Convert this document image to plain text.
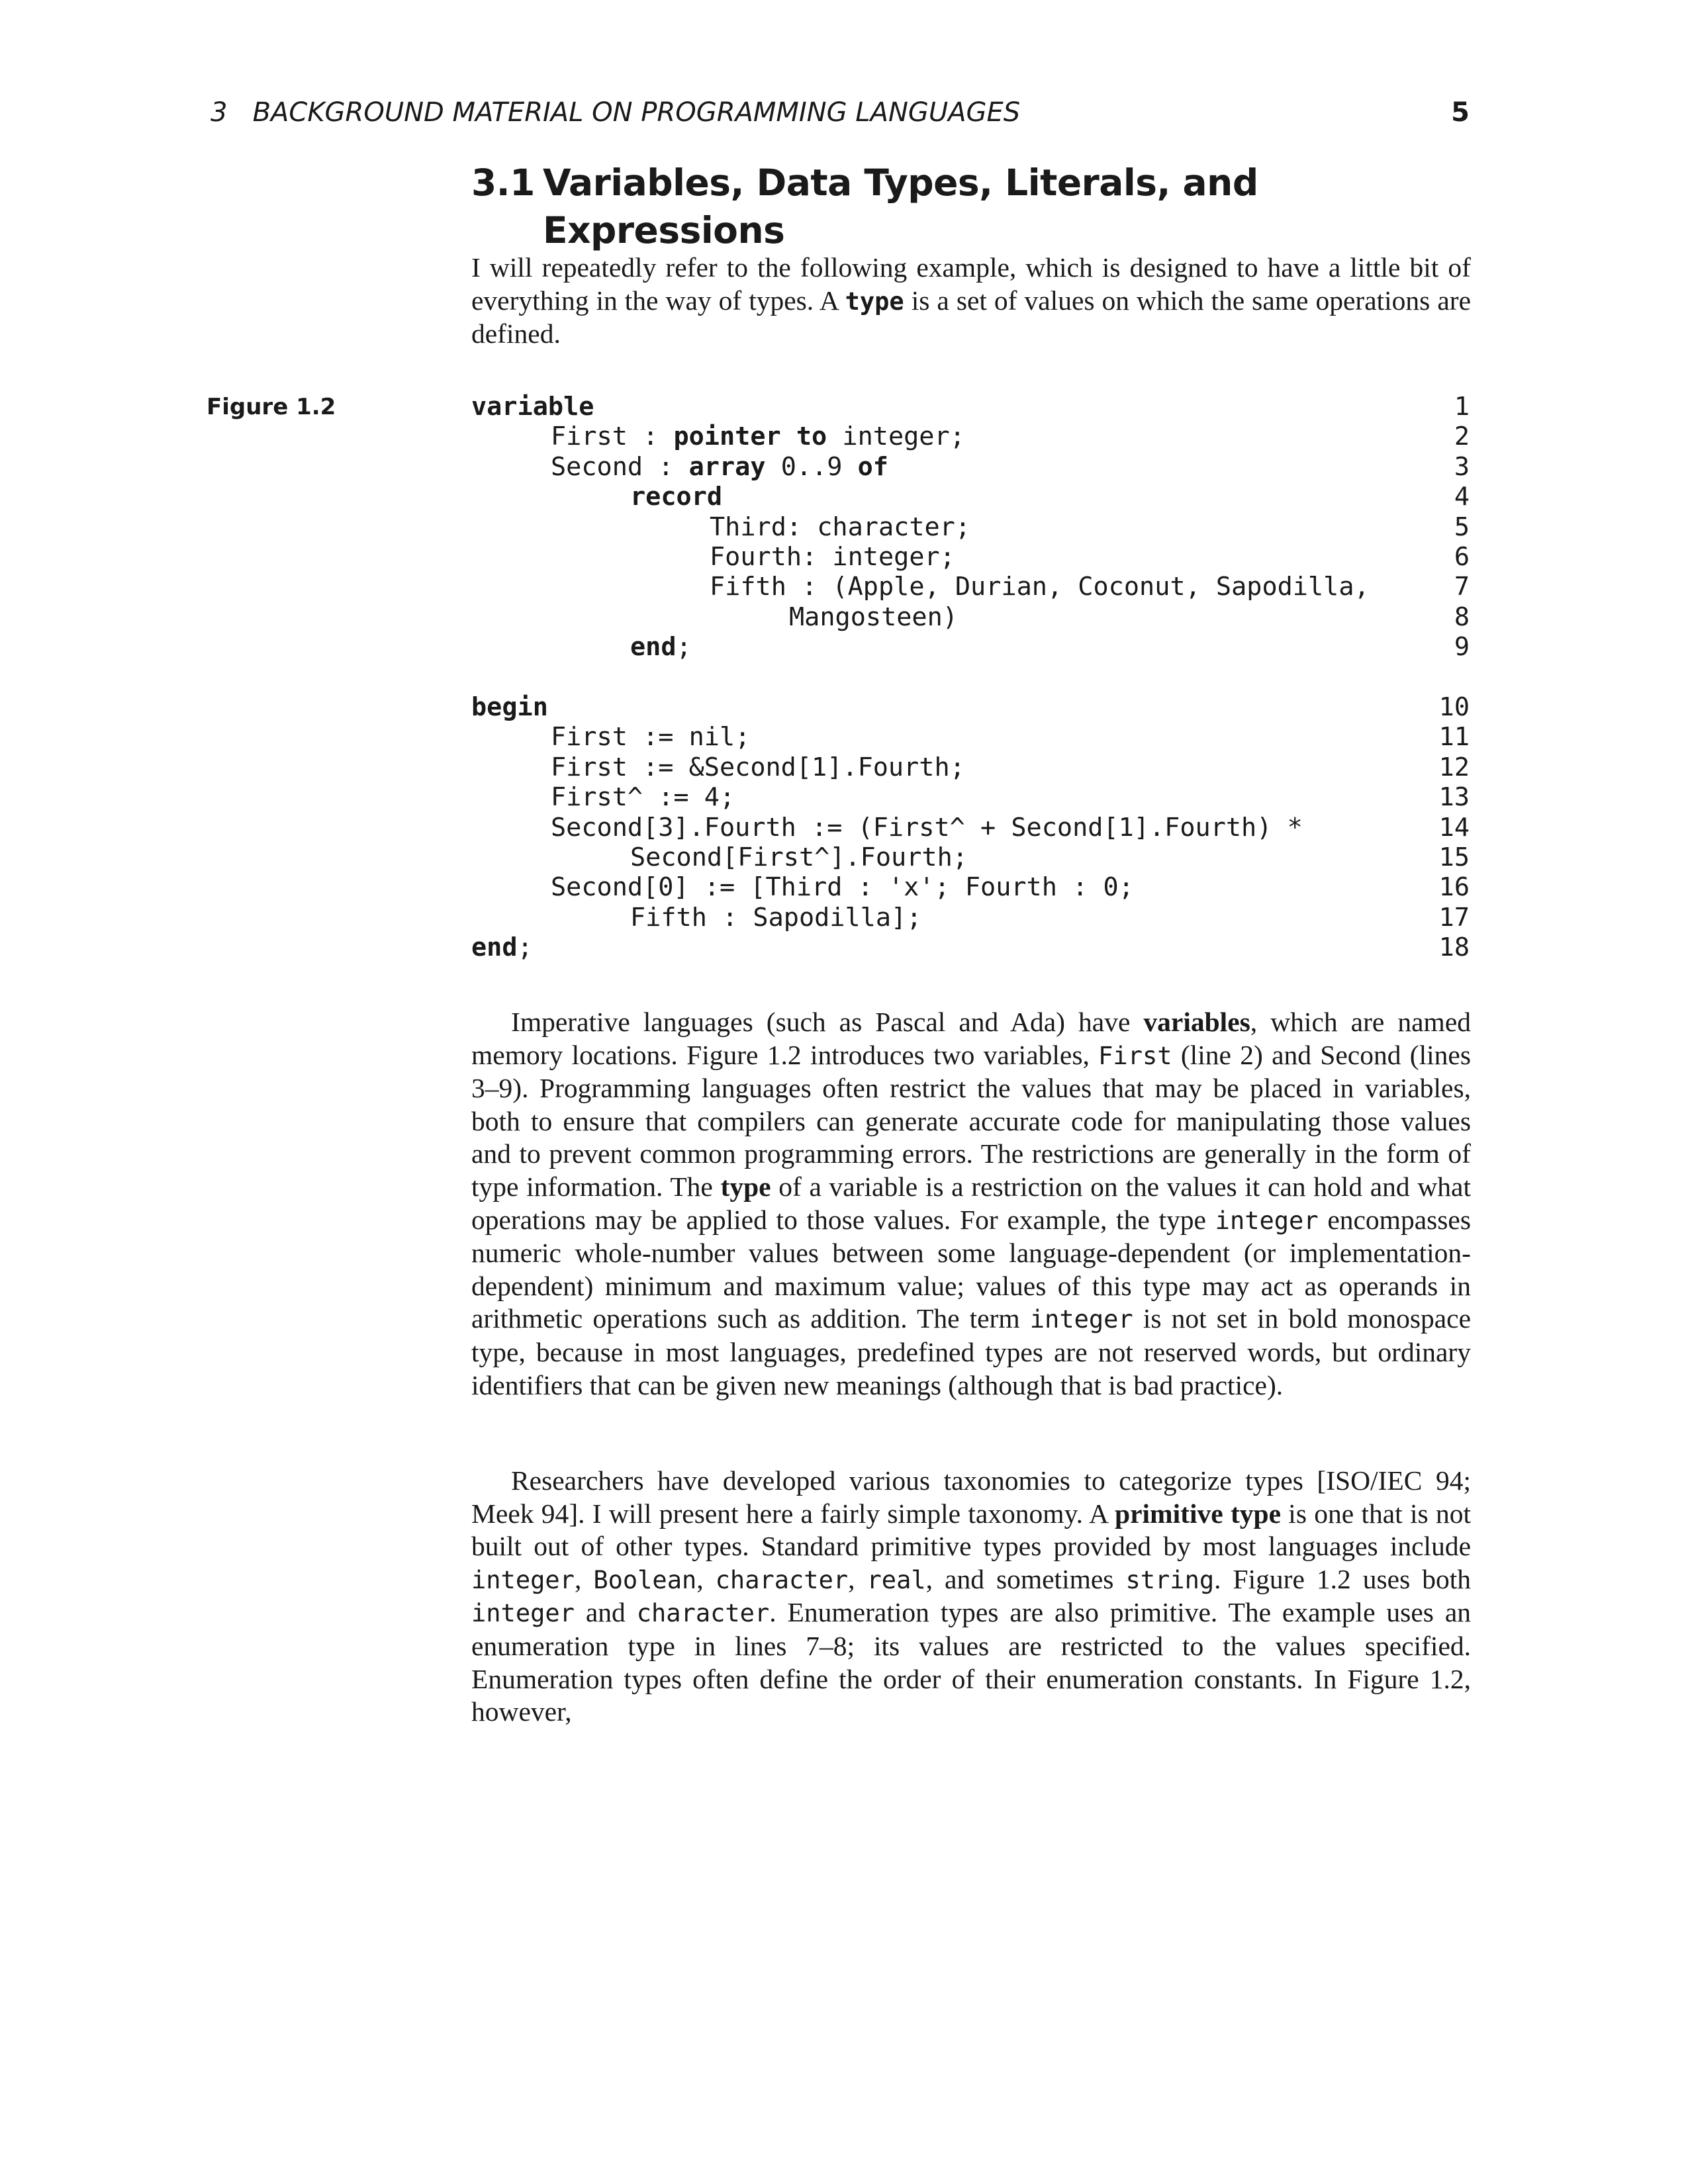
3   BACKGROUND MATERIAL ON PROGRAMMING LANGUAGES	5
3.1 Variables, Data Types, Literals, and
Expressions

I will repeatedly refer to the following example, which is designed to have a little bit of everything in the way of types. A type is a set of values on which the same operations are defined.

Figure 1.2	variable	1
First : pointer to integer;	2
Second : array 0..9 of	3
record	4
Third: character;	5
Fourth: integer;	6
Fifth : (Apple, Durian, Coconut, Sapodilla,	7
Mangosteen)	8
end;	9
begin	10
First := nil;	11
First := &Second[1].Fourth;	12
First^ := 4;	13
Second[3].Fourth := (First^ + Second[1].Fourth) *	14
Second[First^].Fourth;	15
Second[0] := [Third : 'x'; Fourth : 0;	16
Fifth : Sapodilla];	17
end;	18

Imperative languages (such as Pascal and Ada) have variables, which are named memory locations. Figure 1.2 introduces two variables, First (line 2) and Second (lines 3–9). Programming languages often restrict the values that may be placed in variables, both to ensure that compilers can generate accurate code for manipulating those values and to prevent common programming errors. The restrictions are generally in the form of type information. The type of a variable is a restriction on the values it can hold and what operations may be applied to those values. For example, the type integer encompasses numeric whole-number values between some language-dependent (or implementation-dependent) minimum and maximum value; values of this type may act as operands in arithmetic operations such as addition. The term integer is not set in bold monospace type, because in most languages, predefined types are not reserved words, but ordinary identifiers that can be given new meanings (although that is bad practice).

Researchers have developed various taxonomies to categorize types [ISO/IEC 94; Meek 94]. I will present here a fairly simple taxonomy. A primitive type is one that is not built out of other types. Standard primitive types provided by most languages include integer, Boolean, character, real, and sometimes string. Figure 1.2 uses both integer and character. Enumeration types are also primitive. The example uses an enumeration type in lines 7–8; its values are restricted to the values specified. Enumeration types often define the order of their enumeration constants. In Figure 1.2, however,
